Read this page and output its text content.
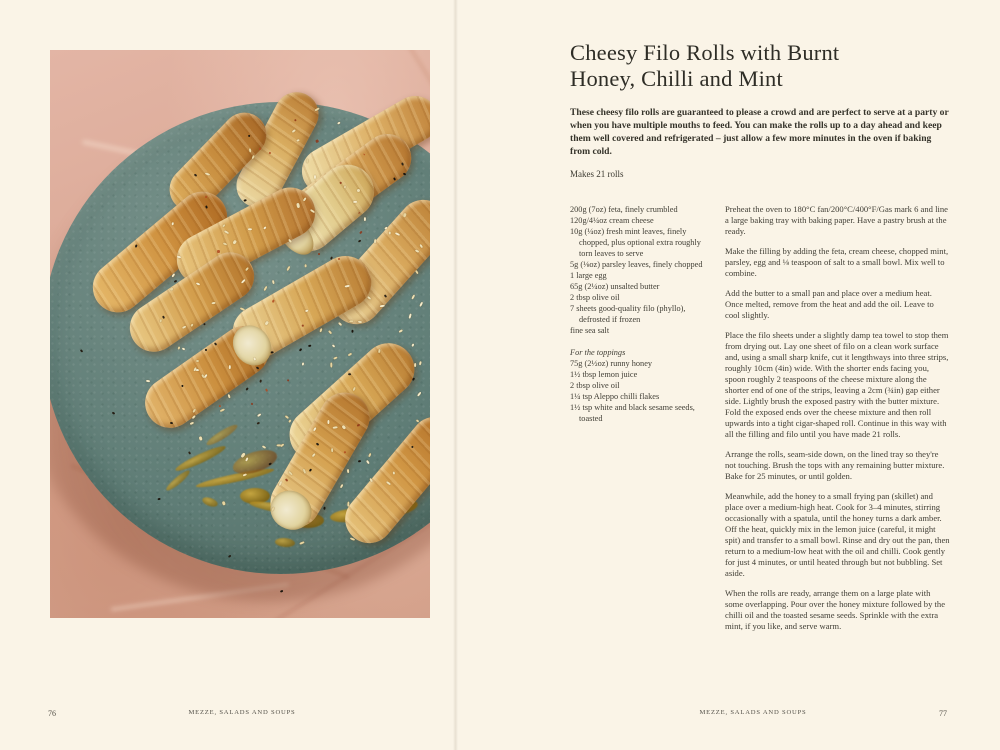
Cheesy Filo Rolls with Burnt
Honey, Chilli and Mint

These cheesy filo rolls are guaranteed to please a crowd and are perfect to serve at a party or when you have multiple mouths to feed. You can make the rolls up to a day ahead and keep them well covered and refrigerated – just allow a few more minutes in the oven if baking from cold.

Makes 21 rolls

200g (7oz) feta, finely crumbled
120g/4¼oz cream cheese
10g (¼oz) fresh mint leaves, finely chopped, plus optional extra roughly torn leaves to serve
5g (⅛oz) parsley leaves, finely chopped
1 large egg
65g (2¼oz) unsalted butter
2 tbsp olive oil
7 sheets good-quality filo (phyllo), defrosted if frozen
fine sea salt

For the toppings

75g (2½oz) runny honey
1½ tbsp lemon juice
2 tbsp olive oil
1¼ tsp Aleppo chilli flakes
1½ tsp white and black sesame seeds, toasted

Preheat the oven to 180°C fan/200°C/400°F/Gas mark 6 and line a large baking tray with baking paper. Have a pastry brush at the ready.

Make the filling by adding the feta, cream cheese, chopped mint, parsley, egg and ⅛ teaspoon of salt to a small bowl. Mix well to combine.

Add the butter to a small pan and place over a medium heat. Once melted, remove from the heat and add the oil. Leave to cool slightly.

Place the filo sheets under a slightly damp tea towel to stop them from drying out. Lay one sheet of filo on a clean work surface and, using a small sharp knife, cut it lengthways into three strips, roughly 10cm (4in) wide. With the shorter ends facing you, spoon roughly 2 teaspoons of the cheese mixture along the shorter end of one of the strips, leaving a 2cm (¾in) gap either side. Lightly brush the exposed pastry with the butter mixture. Fold the exposed ends over the cheese mixture and then roll upwards into a tight cigar-shaped roll. Continue in this way with all the filling and filo until you have made 21 rolls.

Arrange the rolls, seam-side down, on the lined tray so they're not touching. Brush the tops with any remaining butter mixture. Bake for 25 minutes, or until golden.

Meanwhile, add the honey to a small frying pan (skillet) and place over a medium-high heat. Cook for 3–4 minutes, stirring occasionally with a spatula, until the honey turns a dark amber. Off the heat, quickly mix in the lemon juice (careful, it might spit) and transfer to a small bowl. Rinse and dry out the pan, then return to a medium-low heat with the oil and chilli. Cook gently for just 4 minutes, or until heated through but not bubbling. Set aside.

When the rolls are ready, arrange them on a large plate with some overlapping. Pour over the honey mixture followed by the chilli oil and the toasted sesame seeds. Sprinkle with the extra mint, if you like, and serve warm.

76	MEZZE, SALADS AND SOUPS	MEZZE, SALADS AND SOUPS	77
